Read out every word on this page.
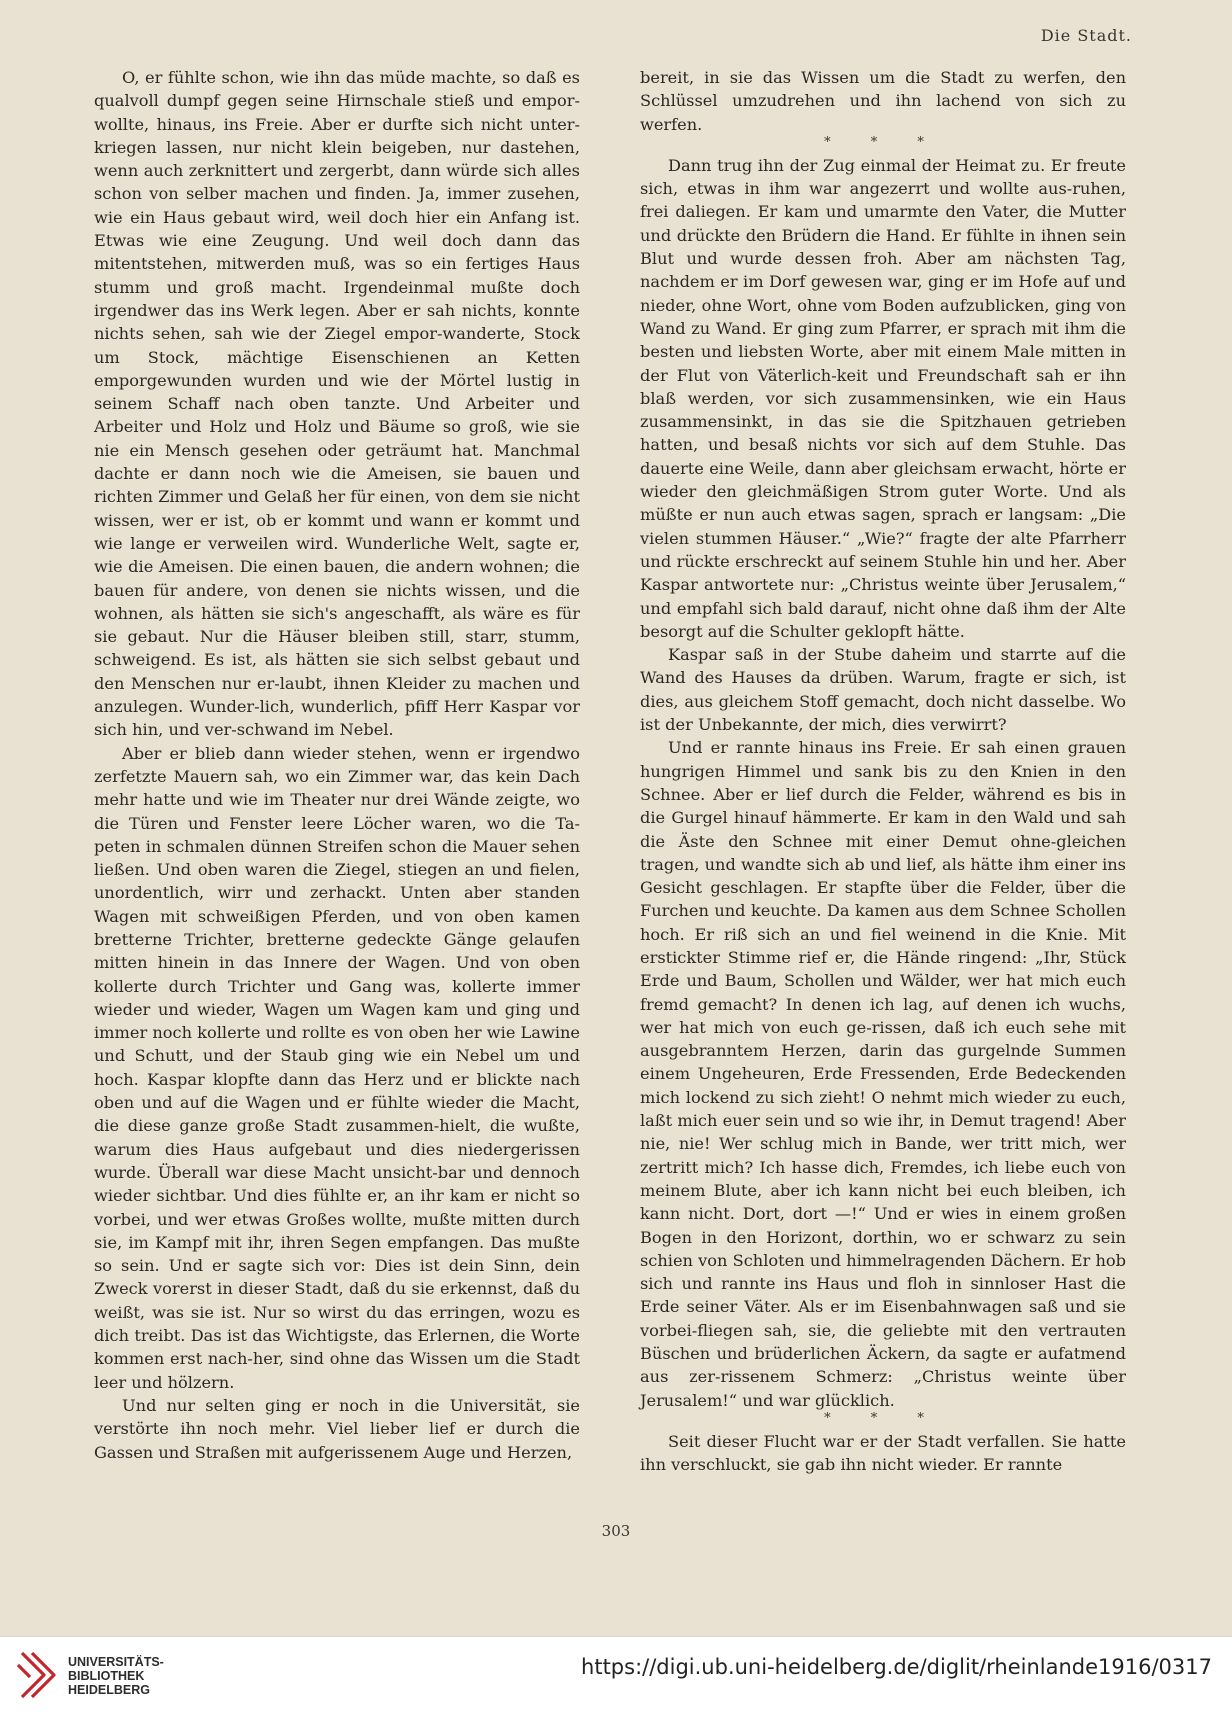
Die Stadt.

O, er fühlte schon, wie ihn das müde machte, so daß es qualvoll dumpf gegen seine Hirnschale stieß und empor-wollte, hinaus, ins Freie. Aber er durfte sich nicht unter-kriegen lassen, nur nicht klein beigeben, nur dastehen, wenn auch zerknittert und zergerbt, dann würde sich alles schon von selber machen und finden. Ja, immer zusehen, wie ein Haus gebaut wird, weil doch hier ein Anfang ist. Etwas wie eine Zeugung. Und weil doch dann das mitentstehen, mitwerden muß, was so ein fertiges Haus stumm und groß macht. Irgendeinmal mußte doch irgendwer das ins Werk legen. Aber er sah nichts, konnte nichts sehen, sah wie der Ziegel empor-wanderte, Stock um Stock, mächtige Eisenschienen an Ketten emporgewunden wurden und wie der Mörtel lustig in seinem Schaff nach oben tanzte. Und Arbeiter und Arbeiter und Holz und Holz und Bäume so groß, wie sie nie ein Mensch gesehen oder geträumt hat. Manchmal dachte er dann noch wie die Ameisen, sie bauen und richten Zimmer und Gelaß her für einen, von dem sie nicht wissen, wer er ist, ob er kommt und wann er kommt und wie lange er verweilen wird. Wunderliche Welt, sagte er, wie die Ameisen. Die einen bauen, die andern wohnen; die bauen für andere, von denen sie nichts wissen, und die wohnen, als hätten sie sich's angeschafft, als wäre es für sie gebaut. Nur die Häuser bleiben still, starr, stumm, schweigend. Es ist, als hätten sie sich selbst gebaut und den Menschen nur er-laubt, ihnen Kleider zu machen und anzulegen. Wunder-lich, wunderlich, pfiff Herr Kaspar vor sich hin, und ver-schwand im Nebel.

Aber er blieb dann wieder stehen, wenn er irgendwo zerfetzte Mauern sah, wo ein Zimmer war, das kein Dach mehr hatte und wie im Theater nur drei Wände zeigte, wo die Türen und Fenster leere Löcher waren, wo die Ta-peten in schmalen dünnen Streifen schon die Mauer sehen ließen. Und oben waren die Ziegel, stiegen an und fielen, unordentlich, wirr und zerhackt. Unten aber standen Wagen mit schweißigen Pferden, und von oben kamen bretterne Trichter, bretterne gedeckte Gänge gelaufen mitten hinein in das Innere der Wagen. Und von oben kollerte durch Trichter und Gang was, kollerte immer wieder und wieder, Wagen um Wagen kam und ging und immer noch kollerte und rollte es von oben her wie Lawine und Schutt, und der Staub ging wie ein Nebel um und hoch. Kaspar klopfte dann das Herz und er blickte nach oben und auf die Wagen und er fühlte wieder die Macht, die diese ganze große Stadt zusammen-hielt, die wußte, warum dies Haus aufgebaut und dies niedergerissen wurde. Überall war diese Macht unsicht-bar und dennoch wieder sichtbar. Und dies fühlte er, an ihr kam er nicht so vorbei, und wer etwas Großes wollte, mußte mitten durch sie, im Kampf mit ihr, ihren Segen empfangen. Das mußte so sein. Und er sagte sich vor: Dies ist dein Sinn, dein Zweck vorerst in dieser Stadt, daß du sie erkennst, daß du weißt, was sie ist. Nur so wirst du das erringen, wozu es dich treibt. Das ist das Wichtigste, das Erlernen, die Worte kommen erst nach-her, sind ohne das Wissen um die Stadt leer und hölzern.

Und nur selten ging er noch in die Universität, sie verstörte ihn noch mehr. Viel lieber lief er durch die Gassen und Straßen mit aufgerissenem Auge und Herzen,

bereit, in sie das Wissen um die Stadt zu werfen, den Schlüssel umzudrehen und ihn lachend von sich zu werfen.

* * *

Dann trug ihn der Zug einmal der Heimat zu. Er freute sich, etwas in ihm war angezerrt und wollte aus-ruhen, frei daliegen. Er kam und umarmte den Vater, die Mutter und drückte den Brüdern die Hand. Er fühlte in ihnen sein Blut und wurde dessen froh. Aber am nächsten Tag, nachdem er im Dorf gewesen war, ging er im Hofe auf und nieder, ohne Wort, ohne vom Boden aufzublicken, ging von Wand zu Wand. Er ging zum Pfarrer, er sprach mit ihm die besten und liebsten Worte, aber mit einem Male mitten in der Flut von Väterlich-keit und Freundschaft sah er ihn blaß werden, vor sich zusammensinken, wie ein Haus zusammensinkt, in das sie die Spitzhauen getrieben hatten, und besaß nichts vor sich auf dem Stuhle. Das dauerte eine Weile, dann aber gleichsam erwacht, hörte er wieder den gleichmäßigen Strom guter Worte. Und als müßte er nun auch etwas sagen, sprach er langsam: „Die vielen stummen Häuser.“ „Wie?“ fragte der alte Pfarrherr und rückte erschreckt auf seinem Stuhle hin und her. Aber Kaspar antwortete nur: „Christus weinte über Jerusalem,“ und empfahl sich bald darauf, nicht ohne daß ihm der Alte besorgt auf die Schulter geklopft hätte.

Kaspar saß in der Stube daheim und starrte auf die Wand des Hauses da drüben. Warum, fragte er sich, ist dies, aus gleichem Stoff gemacht, doch nicht dasselbe. Wo ist der Unbekannte, der mich, dies verwirrt?

Und er rannte hinaus ins Freie. Er sah einen grauen hungrigen Himmel und sank bis zu den Knien in den Schnee. Aber er lief durch die Felder, während es bis in die Gurgel hinauf hämmerte. Er kam in den Wald und sah die Äste den Schnee mit einer Demut ohne-gleichen tragen, und wandte sich ab und lief, als hätte ihm einer ins Gesicht geschlagen. Er stapfte über die Felder, über die Furchen und keuchte. Da kamen aus dem Schnee Schollen hoch. Er riß sich an und fiel weinend in die Knie. Mit erstickter Stimme rief er, die Hände ringend: „Ihr, Stück Erde und Baum, Schollen und Wälder, wer hat mich euch fremd gemacht? In denen ich lag, auf denen ich wuchs, wer hat mich von euch ge-rissen, daß ich euch sehe mit ausgebranntem Herzen, darin das gurgelnde Summen einem Ungeheuren, Erde Fressenden, Erde Bedeckenden mich lockend zu sich zieht! O nehmt mich wieder zu euch, laßt mich euer sein und so wie ihr, in Demut tragend! Aber nie, nie! Wer schlug mich in Bande, wer tritt mich, wer zertritt mich? Ich hasse dich, Fremdes, ich liebe euch von meinem Blute, aber ich kann nicht bei euch bleiben, ich kann nicht. Dort, dort —!“ Und er wies in einem großen Bogen in den Horizont, dorthin, wo er schwarz zu sein schien von Schloten und himmelragenden Dächern. Er hob sich und rannte ins Haus und floh in sinnloser Hast die Erde seiner Väter. Als er im Eisenbahnwagen saß und sie vorbei-fliegen sah, sie, die geliebte mit den vertrauten Büschen und brüderlichen Äckern, da sagte er aufatmend aus zer-rissenem Schmerz: „Christus weinte über Jerusalem!“ und war glücklich.

* * *

Seit dieser Flucht war er der Stadt verfallen. Sie hatte ihn verschluckt, sie gab ihn nicht wieder. Er rannte

303
UNIVERSITÄTS-
BIBLIOTHEK
HEIDELBERG
https://digi.ub.uni-heidelberg.de/diglit/rheinlande1916/0317
